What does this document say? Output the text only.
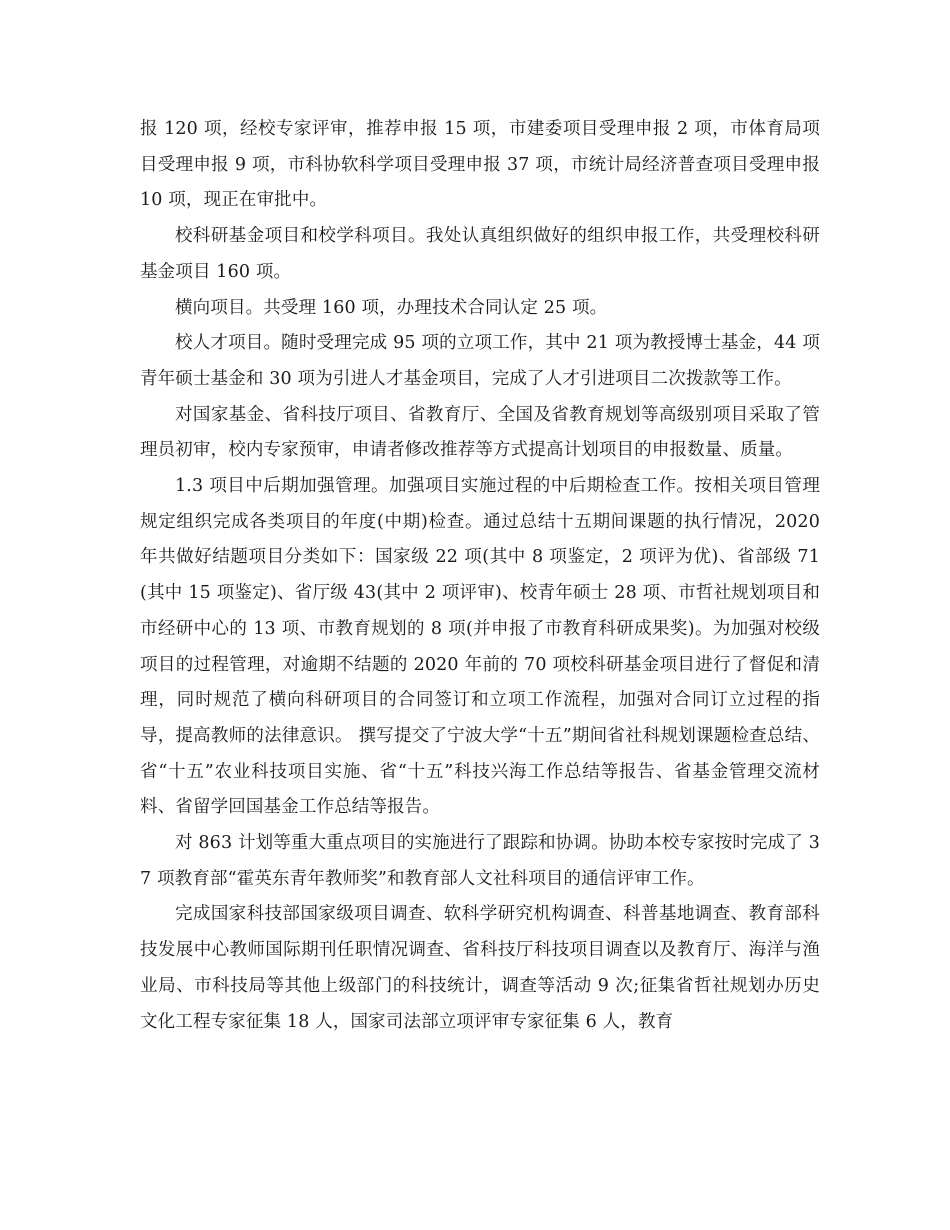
报 120 项，经校专家评审，推荐申报 15 项，市建委项目受理申报 2 项，市体育局项目受理申报 9 项，市科协软科学项目受理申报 37 项，市统计局经济普查项目受理申报 10 项，现正在审批中。

校科研基金项目和校学科项目。我处认真组织做好的组织申报工作，共受理校科研基金项目 160 项。

横向项目。共受理 160 项，办理技术合同认定 25 项。

校人才项目。随时受理完成 95 项的立项工作，其中 21 项为教授博士基金，44 项青年硕士基金和 30 项为引进人才基金项目，完成了人才引进项目二次拨款等工作。

对国家基金、省科技厅项目、省教育厅、全国及省教育规划等高级别项目采取了管理员初审，校内专家预审，申请者修改推荐等方式提高计划项目的申报数量、质量。

1.3 项目中后期加强管理。加强项目实施过程的中后期检查工作。按相关项目管理规定组织完成各类项目的年度(中期)检查。通过总结十五期间课题的执行情况，2020 年共做好结题项目分类如下：国家级 22 项(其中 8 项鉴定，2 项评为优)、省部级 71(其中 15 项鉴定)、省厅级 43(其中 2 项评审)、校青年硕士 28 项、市哲社规划项目和市经研中心的 13 项、市教育规划的 8 项(并申报了市教育科研成果奖)。为加强对校级项目的过程管理，对逾期不结题的 2020 年前的 70 项校科研基金项目进行了督促和清理，同时规范了横向科研项目的合同签订和立项工作流程，加强对合同订立过程的指导，提高教师的法律意识。 撰写提交了宁波大学“十五”期间省社科规划课题检查总结、省“十五”农业科技项目实施、省“十五”科技兴海工作总结等报告、省基金管理交流材料、省留学回国基金工作总结等报告。

对 863 计划等重大重点项目的实施进行了跟踪和协调。协助本校专家按时完成了 37 项教育部“霍英东青年教师奖”和教育部人文社科项目的通信评审工作。

完成国家科技部国家级项目调查、软科学研究机构调查、科普基地调查、教育部科技发展中心教师国际期刊任职情况调查、省科技厅科技项目调查以及教育厅、海洋与渔业局、市科技局等其他上级部门的科技统计，调查等活动 9 次;征集省哲社规划办历史文化工程专家征集 18 人，国家司法部立项评审专家征集 6 人，教育
